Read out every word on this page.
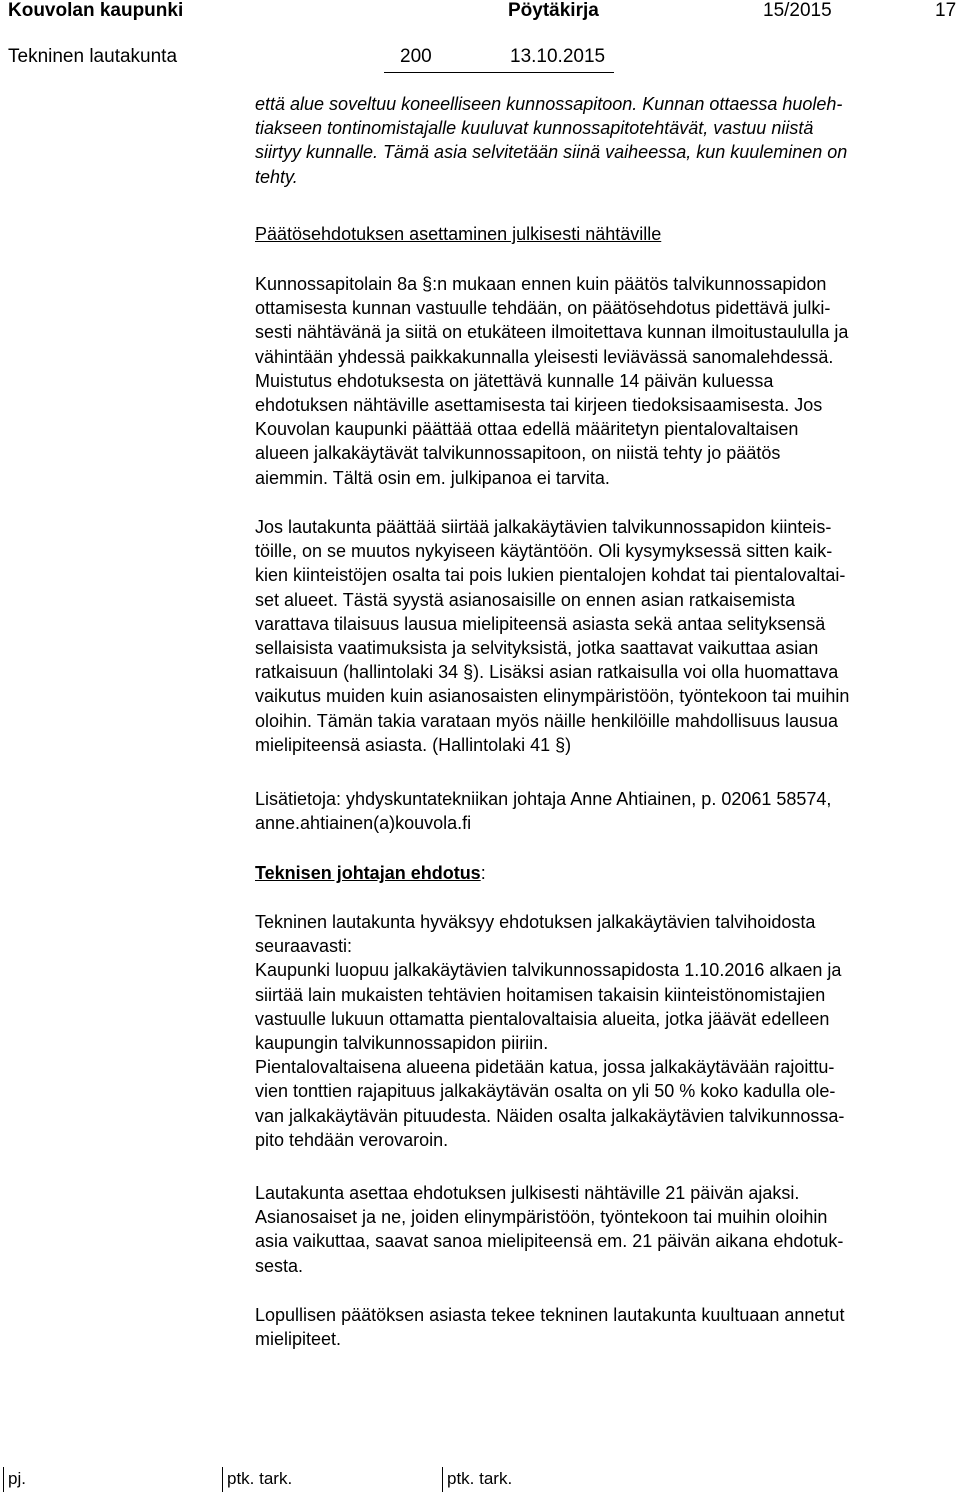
Kouvolan kaupunki	Pöytäkirja	15/2015	17
Tekninen lautakunta	200	13.10.2015
että alue soveltuu koneelliseen kunnossapitoon. Kunnan ottaessa huoleh-
tiakseen tontinomistajalle kuuluvat kunnossapitotehtävät, vastuu niistä
siirtyy kunnalle. Tämä asia selvitetään siinä vaiheessa, kun kuuleminen on
tehty.
Päätösehdotuksen asettaminen julkisesti nähtäville
Kunnossapitolain 8a §:n mukaan ennen kuin päätös talvikunnossapidon
ottamisesta kunnan vastuulle tehdään, on päätösehdotus pidettävä julki-
sesti nähtävänä ja siitä on etukäteen ilmoitettava kunnan ilmoitustaululla ja
vähintään yhdessä paikkakunnalla yleisesti leviävässä sanomalehdessä.
Muistutus ehdotuksesta on jätettävä kunnalle 14 päivän kuluessa
ehdotuksen nähtäville asettamisesta tai kirjeen tiedoksisaamisesta. Jos
Kouvolan kaupunki päättää ottaa edellä määritetyn pientalovaltaisen
alueen jalkakäytävät talvikunnossapitoon, on niistä tehty jo päätös
aiemmin. Tältä osin em. julkipanoa ei tarvita.
Jos lautakunta päättää siirtää jalkakäytävien talvikunnossapidon kiinteis-
töille, on se muutos nykyiseen käytäntöön. Oli kysymyksessä sitten kaik-
kien kiinteistöjen osalta tai pois lukien pientalojen kohdat tai pientalovaltai-
set alueet. Tästä syystä asianosaisille on ennen asian ratkaisemista
varattava tilaisuus lausua mielipiteensä asiasta sekä antaa selityksensä
sellaisista vaatimuksista ja selvityksistä, jotka saattavat vaikuttaa asian
ratkaisuun (hallintolaki 34 §). Lisäksi asian ratkaisulla voi olla huomattava
vaikutus muiden kuin asianosaisten elinympäristöön, työntekoon tai muihin
oloihin. Tämän takia varataan myös näille henkilöille mahdollisuus lausua
mielipiteensä asiasta. (Hallintolaki 41 §)
Lisätietoja: yhdyskuntatekniikan johtaja Anne Ahtiainen, p. 02061 58574,
anne.ahtiainen(a)kouvola.fi
Teknisen johtajan ehdotus:
Tekninen lautakunta hyväksyy ehdotuksen jalkakäytävien talvihoidosta
seuraavasti:
Kaupunki luopuu jalkakäytävien talvikunnossapidosta 1.10.2016 alkaen ja
siirtää lain mukaisten tehtävien hoitamisen takaisin kiinteistönomistajien
vastuulle lukuun ottamatta pientalovaltaisia alueita, jotka jäävät edelleen
kaupungin talvikunnossapidon piiriin.
Pientalovaltaisena alueena pidetään katua, jossa jalkakäytävään rajoittu-
vien tonttien rajapituus jalkakäytävän osalta on yli 50 % koko kadulla ole-
van jalkakäytävän pituudesta. Näiden osalta jalkakäytävien talvikunnossa-
pito tehdään verovaroin.
Lautakunta asettaa ehdotuksen julkisesti nähtäville 21 päivän ajaksi.
Asianosaiset ja ne, joiden elinympäristöön, työntekoon tai muihin oloihin
asia vaikuttaa, saavat sanoa mielipiteensä em. 21 päivän aikana ehdotuk-
sesta.
Lopullisen päätöksen asiasta tekee tekninen lautakunta kuultuaan annetut
mielipiteet.
pj.	ptk. tark.	ptk. tark.
